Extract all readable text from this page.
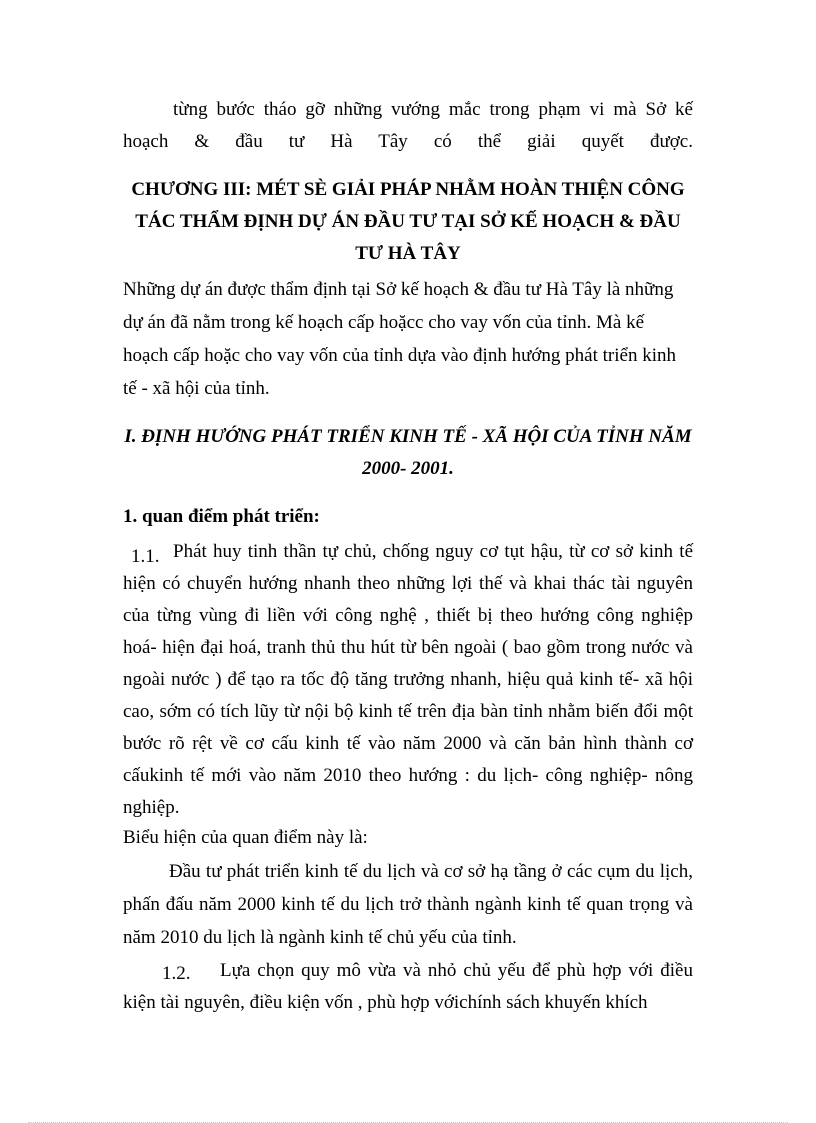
từng bước tháo gỡ những vướng mắc trong phạm vi mà Sở kế
hoạch & đầu tư Hà Tây có thể giải quyết được.
CHƯƠNG III: MÉT SÈ GIẢI PHÁP NHẰM HOÀN THIỆN CÔNG
TÁC THẨM ĐỊNH DỰ ÁN ĐẦU TƯ TẠI SỞ KẾ HOẠCH & ĐẦU
TƯ HÀ TÂY
Những dự án được thẩm định tại Sở kế hoạch & đầu tư Hà Tây là những
dự án đã nằm trong kế hoạch cấp hoặcc cho vay vốn của tỉnh. Mà kế
hoạch cấp hoặc cho vay vốn của tỉnh dựa vào định hướng phát triển kinh
tế - xã hội của tỉnh.
I. ĐỊNH HƯỚNG PHÁT TRIỂN KINH TẾ - XÃ HỘI CỦA TỈNH NĂM
2000- 2001.
1. quan điểm phát triển:
1.1. Phát huy tinh thần tự chủ, chống nguy cơ tụt hậu, từ cơ sở kinh tế
hiện có chuyển hướng nhanh theo những lợi thế và khai thác tài nguyên
của từng vùng đi liền với công nghệ , thiết bị theo hướng công nghiệp
hoá- hiện đại hoá, tranh thủ thu hút từ bên ngoài ( bao gồm trong nước và
ngoài nước ) để tạo ra tốc độ tăng trưởng nhanh, hiệu quả kinh tế- xã hội
cao, sớm có tích lũy từ nội bộ kinh tế trên địa bàn tỉnh nhằm biến đổi một
bước rõ rệt về cơ cấu kinh tế vào năm 2000 và căn bản hình thành cơ
cấukinh tế mới vào năm 2010 theo hướng : du lịch- công nghiệp- nông
nghiệp.
Biểu hiện của quan điểm này là:
Đầu tư phát triển kinh tế du lịch và cơ sở hạ tầng ở các cụm du lịch,
phấn đấu năm 2000 kinh tế du lịch trở thành ngành kinh tế quan trọng và
năm 2010 du lịch là ngành kinh tế chủ yếu của tỉnh.
1.2. Lựa chọn quy mô vừa và nhỏ chủ yếu để phù hợp với điều
kiện tài nguyên, điều kiện vốn , phù hợp vớichính sách khuyến khích
